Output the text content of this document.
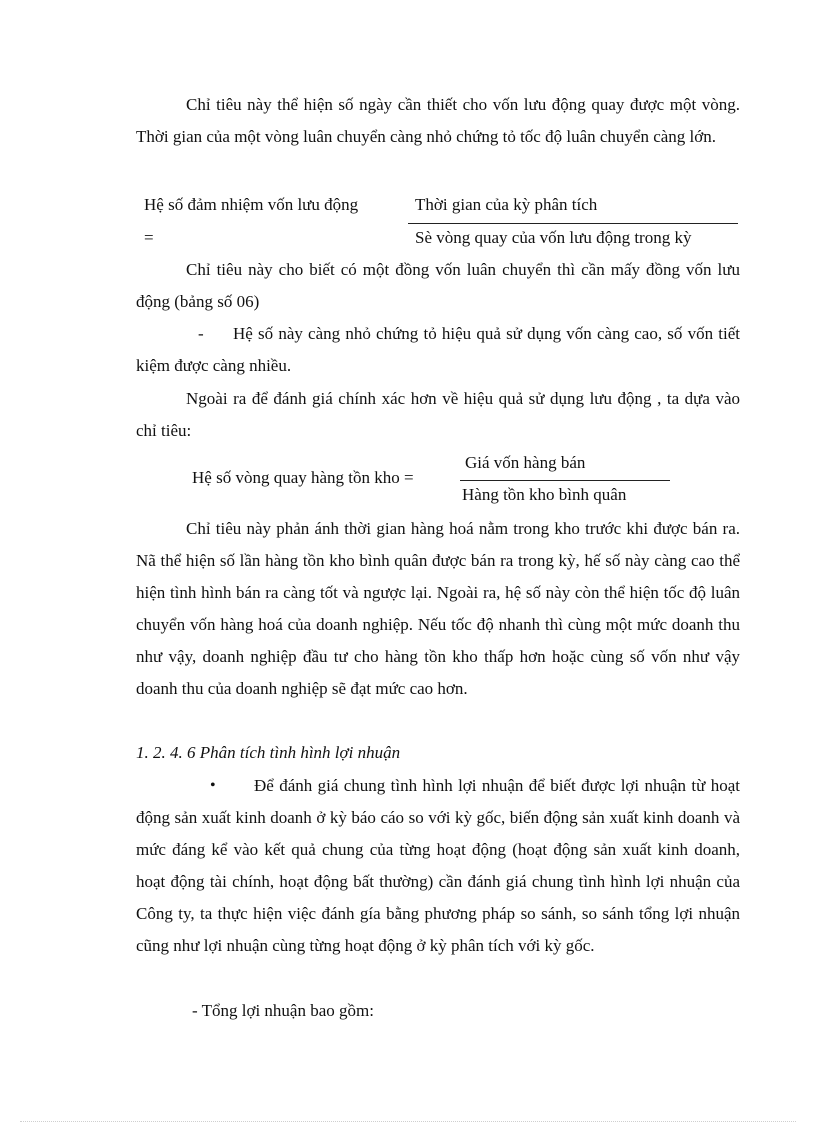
Chỉ tiêu này thể hiện số ngày cần thiết cho vốn lưu động quay được một vòng. Thời gian của một vòng luân chuyển càng nhỏ chứng tỏ tốc độ luân chuyển càng lớn.

Hệ số đảm nhiệm vốn lưu động
=
Thời gian của kỳ phân tích
Sè vòng quay của vốn lưu động trong kỳ

Chỉ tiêu này cho biết có một đồng vốn luân chuyển thì cần mấy đồng vốn lưu động (bảng số 06)

-	Hệ số này càng nhỏ chứng tỏ hiệu quả sử dụng vốn càng cao, số vốn tiết kiệm được càng nhiều.

Ngoài ra để đánh giá chính xác hơn về hiệu quả sử dụng lưu động , ta dựa vào chỉ tiêu:

Hệ số vòng quay hàng tồn kho =
Giá vốn hàng bán
Hàng tồn kho bình quân

Chỉ tiêu này phản ánh thời gian hàng hoá nằm trong kho trước khi được bán ra. Nã thể hiện số lần hàng tồn kho bình quân được bán ra trong kỳ, hế số này càng cao thể hiện tình hình bán ra càng tốt và ngược lại. Ngoài ra, hệ số này còn thể hiện tốc độ luân chuyển vốn hàng hoá của doanh nghiệp. Nếu tốc độ nhanh thì cùng một mức doanh thu như vậy, doanh nghiệp đầu tư cho hàng tồn kho thấp hơn hoặc cùng số vốn như vậy doanh thu của doanh nghiệp sẽ đạt mức cao hơn.

1. 2. 4. 6 Phân tích tình hình lợi nhuận

•	Để đánh giá chung tình hình lợi nhuận để biết được lợi nhuận từ hoạt động sản xuất kinh doanh ở kỳ báo cáo so với kỳ gốc, biến động sản xuất kinh doanh và mức đáng kể vào kết quả chung của từng hoạt động (hoạt động sản xuất kinh doanh, hoạt động tài chính, hoạt động bất thường) cần đánh giá chung tình hình lợi nhuận của Công ty, ta thực hiện việc đánh gía bằng phương pháp so sánh, so sánh tổng lợi nhuận cũng như lợi nhuận cùng từng hoạt động ở kỳ phân tích với kỳ gốc.

- Tổng lợi nhuận bao gồm:
